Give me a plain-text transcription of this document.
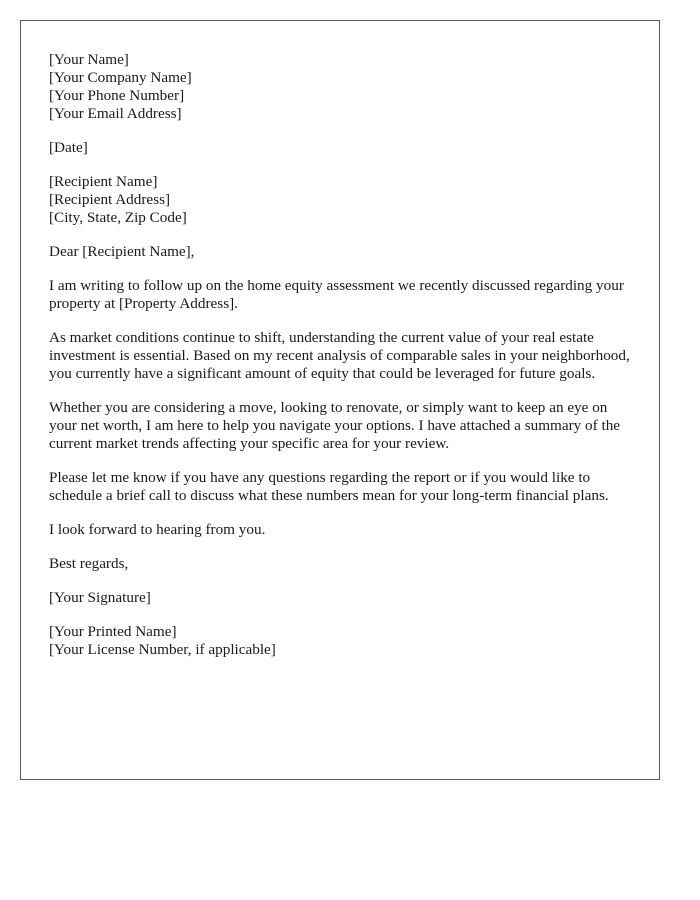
[Your Name]
[Your Company Name]
[Your Phone Number]
[Your Email Address]
[Date]
[Recipient Name]
[Recipient Address]
[City, State, Zip Code]

Dear [Recipient Name],

I am writing to follow up on the home equity assessment we recently discussed regarding your property at [Property Address].

As market conditions continue to shift, understanding the current value of your real estate investment is essential. Based on my recent analysis of comparable sales in your neighborhood, you currently have a significant amount of equity that could be leveraged for future goals.

Whether you are considering a move, looking to renovate, or simply want to keep an eye on your net worth, I am here to help you navigate your options. I have attached a summary of the current market trends affecting your specific area for your review.

Please let me know if you have any questions regarding the report or if you would like to schedule a brief call to discuss what these numbers mean for your long-term financial plans.

I look forward to hearing from you.

Best regards,

[Your Signature]

[Your Printed Name]
[Your License Number, if applicable]
